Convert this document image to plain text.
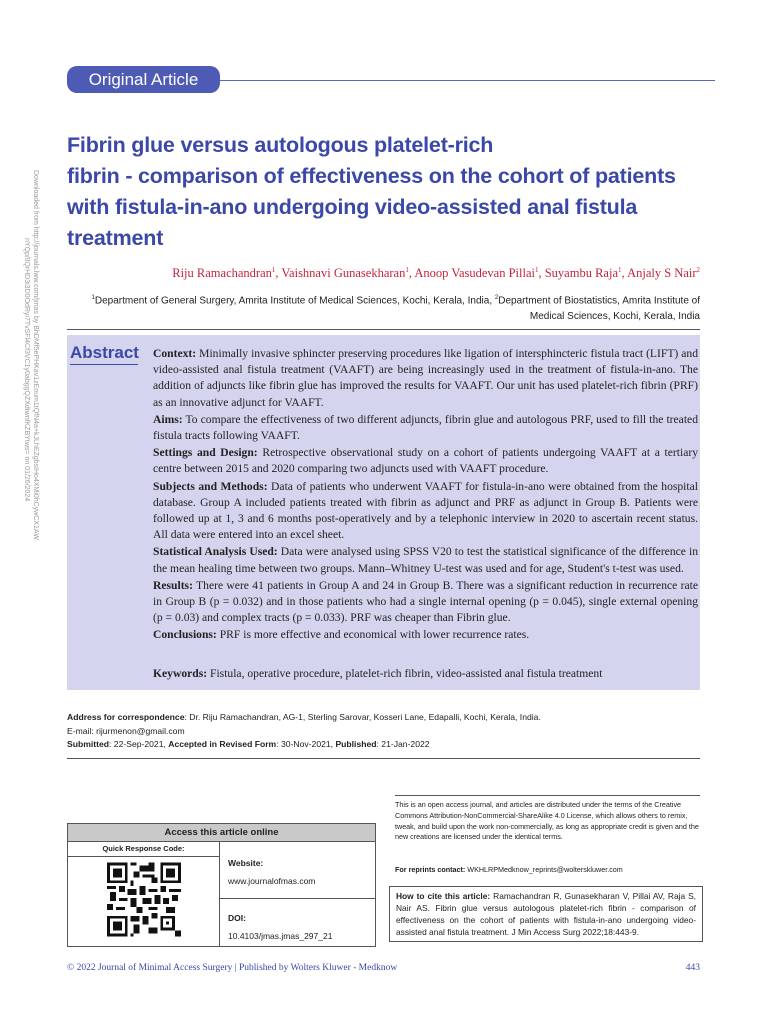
Original Article
Downloaded from http://journals.lww.com/jmas by BhDMf5ePHKav1zEoum1tQfN4a+kJLhEZgbsIHo4XMi0hCywCX1AW
nYQp/IlQrHD3i3D0OdRyi7TvSFl4Cf3VC1y0abggQZXdtwnfKZBYtws= on 01/26/2024
Fibrin glue versus autologous platelet-rich
fibrin - comparison of effectiveness on the cohort of patients
with fistula-in-ano undergoing video-assisted anal fistula
treatment
Riju Ramachandran$^1$, Vaishnavi Gunasekharan$^1$, Anoop Vasudevan Pillai$^1$, Suyambu Raja$^1$, Anjaly S Nair$^2$
$^1$Department of General Surgery, Amrita Institute of Medical Sciences, Kochi, Kerala, India, $^2$Department of Biostatistics, Amrita Institute of
Medical Sciences, Kochi, Kerala, India
Abstract Context: Minimally invasive sphincter preserving procedures like ligation of intersphincteric fistula tract (LIFT) and video-assisted anal fistula treatment (VAAFT) are being increasingly used in the treatment of fistula-in-ano. The addition of adjuncts like fibrin glue has improved the results for VAAFT. Our unit has used platelet-rich fibrin (PRF) as an innovative adjunct for VAAFT.

Aims: To compare the effectiveness of two different adjuncts, fibrin glue and autologous PRF, used to fill the treated fistula tracts following VAAFT.

Settings and Design: Retrospective observational study on a cohort of patients undergoing VAAFT at a tertiary centre between 2015 and 2020 comparing two adjuncts used with VAAFT procedure.

Subjects and Methods: Data of patients who underwent VAAFT for fistula-in-ano were obtained from the hospital database. Group A included patients treated with fibrin as adjunct and PRF as adjunct in Group B. Patients were followed up at 1, 3 and 6 months post-operatively and by a telephonic interview in 2020 to ascertain recent status. All data were entered into an excel sheet.

Statistical Analysis Used: Data were analysed using SPSS V20 to test the statistical significance of the difference in the mean healing time between two groups. Mann–Whitney U-test was used and for age, Student's t-test was used.

Results: There were 41 patients in Group A and 24 in Group B. There was a significant reduction in recurrence rate in Group B (p = 0.032) and in those patients who had a single internal opening (p = 0.045), single external opening (p = 0.03) and complex tracts (p = 0.033). PRF was cheaper than Fibrin glue.

Conclusions: PRF is more effective and economical with lower recurrence rates.

Keywords: Fistula, operative procedure, platelet-rich fibrin, video-assisted anal fistula treatment
Address for correspondence: Dr. Riju Ramachandran, AG-1, Sterling Sarovar, Kosseri Lane, Edapalli, Kochi, Kerala, India.
E-mail: rijurmenon@gmail.com
Submitted: 22-Sep-2021, Accepted in Revised Form: 30-Nov-2021, Published: 21-Jan-2022
Access this article online
Quick Response Code:
Website:
www.journalofmas.com
DOI:
10.4103/jmas.jmas_297_21
This is an open access journal, and articles are distributed under the terms of the Creative Commons Attribution-NonCommercial-ShareAlike 4.0 License, which allows others to remix, tweak, and build upon the work non-commercially, as long as appropriate credit is given and the new creations are licensed under the identical terms.
For reprints contact: WKHLRPMedknow_reprints@wolterskluwer.com
How to cite this article: Ramachandran R, Gunasekharan V, Pillai AV, Raja S, Nair AS. Fibrin glue versus autologous platelet-rich fibrin - comparison of effectiveness on the cohort of patients with fistula-in-ano undergoing video-assisted anal fistula treatment. J Min Access Surg 2022;18:443-9.
© 2022 Journal of Minimal Access Surgery | Published by Wolters Kluwer - Medknow	443
